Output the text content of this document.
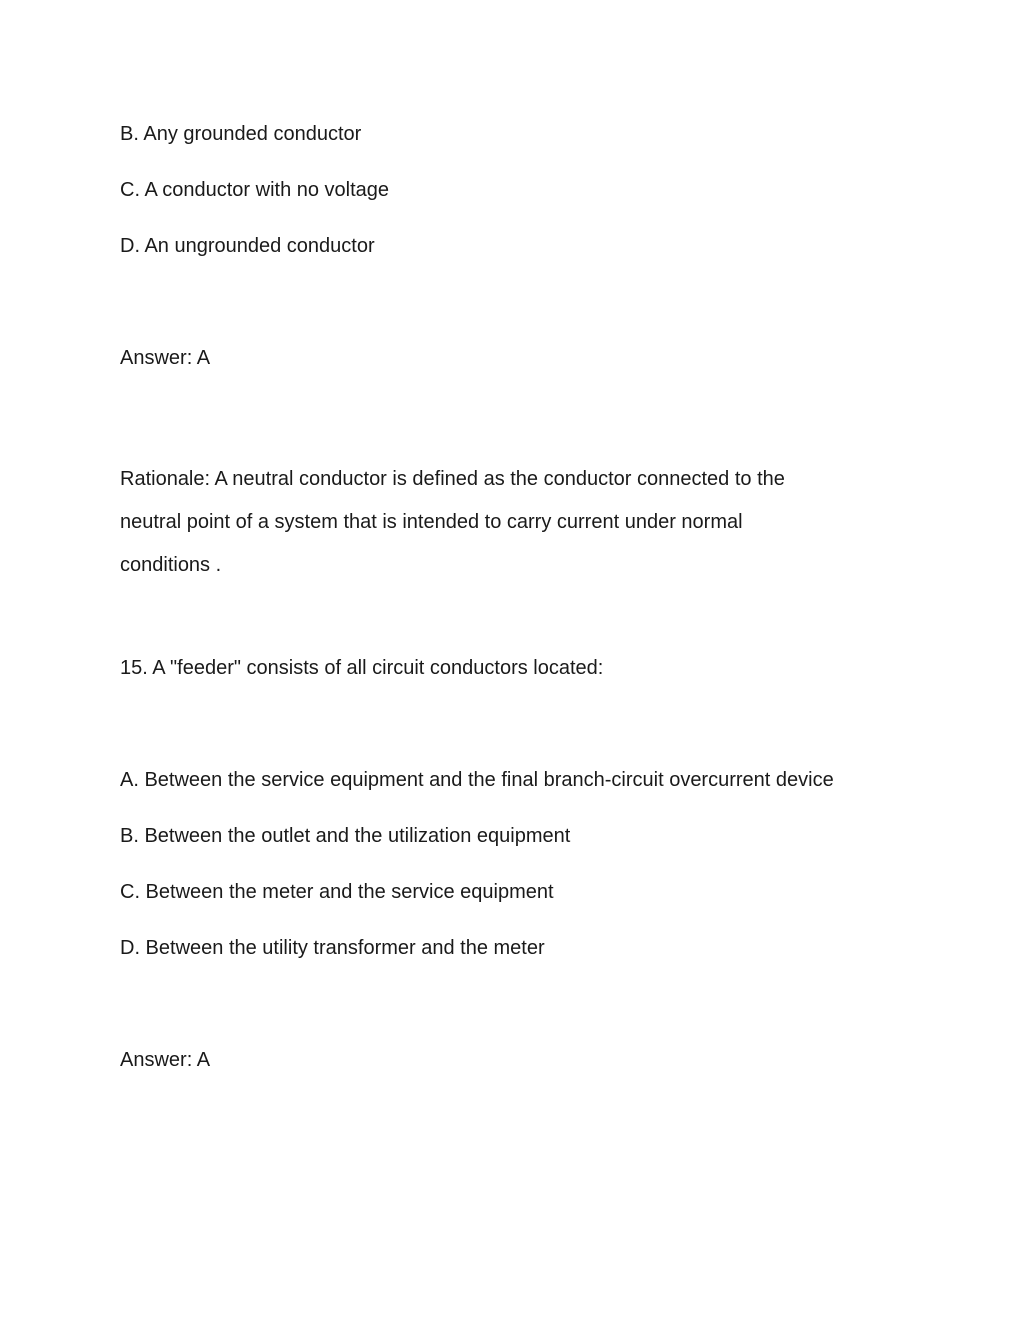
B. Any grounded conductor
C. A conductor with no voltage
D. An ungrounded conductor
Answer: A
Rationale: A neutral conductor is defined as the conductor connected to the
neutral point of a system that is intended to carry current under normal
conditions .
15. A "feeder" consists of all circuit conductors located:
A. Between the service equipment and the final branch-circuit overcurrent device
B. Between the outlet and the utilization equipment
C. Between the meter and the service equipment
D. Between the utility transformer and the meter
Answer: A
